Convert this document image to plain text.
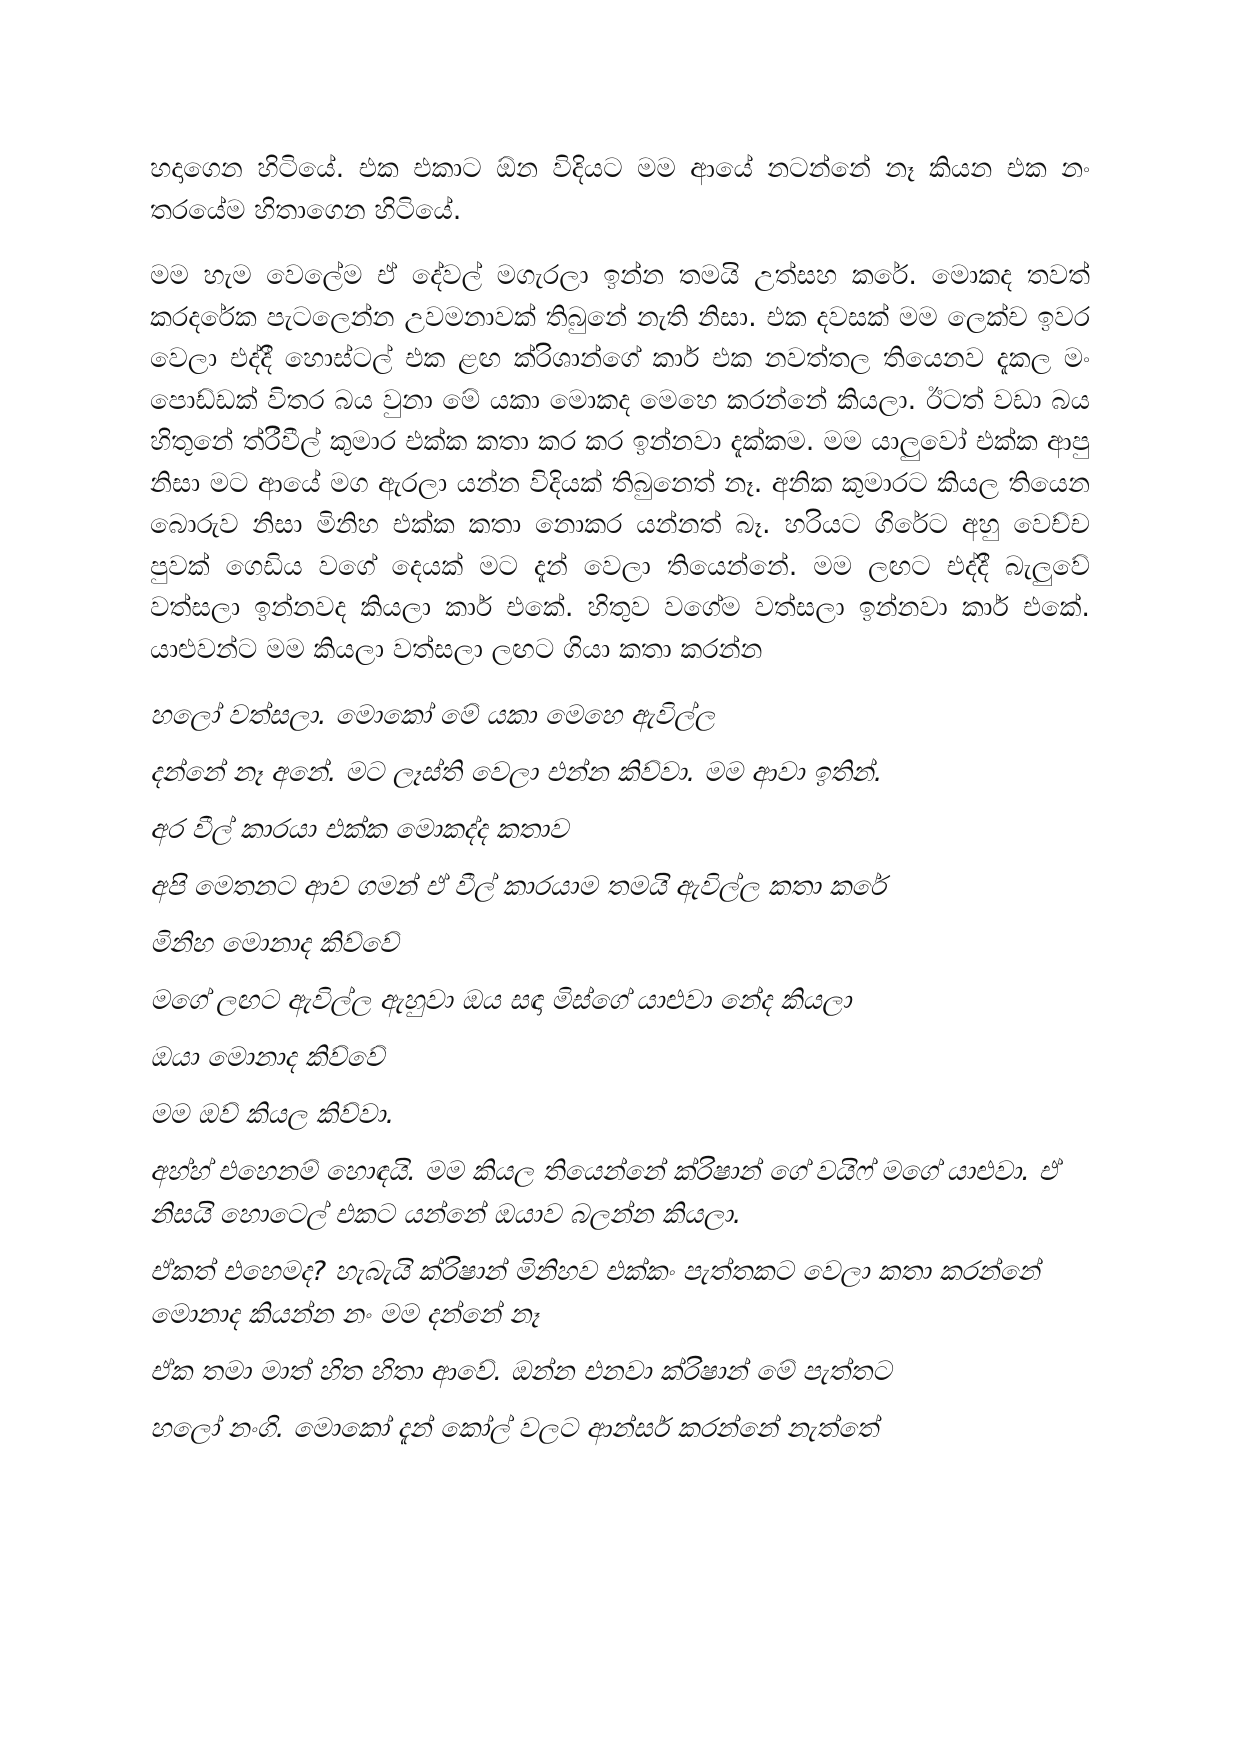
හදාගෙන හිටියේ. එක එකාට ඕන විදියට මම ආයේ නටන්නේ නෑ කියන එක නං තරයේම හිතාගෙන හිටියේ.

මම හැම වෙලේම ඒ දේවල් මගැරලා ඉන්න තමයි උත්සහ කරේ. මොකද තවත් කරදරේක පැටලෙන්න උවමනාවක් තිබුනේ නැති නිසා. එක දවසක් මම ලෙක්ච ඉවර වෙලා එද්දී හොස්ටල් එක ළඟ ක්රිශාන්ගේ කාර් එක නවත්තල තියෙනව දැකල මං පොඩ්ඩක් විතර බය වුනා මේ යකා මොකද මෙහෙ කරන්නේ කියලා. ඊටත් වඩා බය හිතුනේ ත්රීවීල් කුමාර එක්ක කතා කර කර ඉන්නවා දැක්කම. මම යාලුවෝ එක්ක ආපු නිසා මට ආයේ මග ඇරලා යන්න විදියක් තිබුනෙත් නෑ. අනික කුමාරට කියල තියෙන බොරුව නිසා මිනිහ එක්ක කතා නොකර යන්නත් බෑ. හරියට ගිරේට අහු වෙච්ච පුවක් ගෙඩිය වගේ දෙයක් මට දැන් වෙලා තියෙන්නේ. මම ලඟට එද්දී බැලුවේ වත්සලා ඉන්නවද කියලා කාර් එකේ. හිතුව වගේම වත්සලා ඉන්නවා කාර් එකේ. යාළුවන්ට මම කියලා වත්සලා ලඟට ගියා කතා කරන්න

හලෝ වත්සලා. මොකෝ මේ යකා මෙහෙ ඇවිල්ල

දන්නේ නෑ අනේ. මට ලෑස්ති වෙලා එන්න කිව්වා. මම ආවා ඉතින්.

අර වීල් කාරයා එක්ක මොකද්ද කතාව

අපි මෙතනට ආව ගමන් ඒ වීල් කාරයාම තමයි ඇවිල්ල කතා කරේ

මිනිහ මොනාද කිව්වේ

මගේ ලඟට ඇවිල්ල ඇහුවා ඔය සඳා මිස්ගේ යාළුවා නේද කියලා

ඔයා මොනාද කිව්වේ

මම ඔව් කියල කිව්වා.

අහ්හ් එහෙනම් හොඳයි. මම කියල තියෙන්නේ ක්රිෂාන් ගේ වයිෆ් මගේ යාළුවා. ඒ නිසයි හොටෙල් එකට යන්නේ ඔයාව බලන්න කියලා.

ඒකත් එහෙමද? හැබැයි ක්රිෂාන් මිනිහව එක්කං පැත්තකට වෙලා කතා කරන්නේ මොනාද කියන්න නං මම දන්නේ නෑ

ඒක තමා මාත් හිත හිතා ආවේ. ඔන්න එනවා ක්රිෂාන් මේ පැත්තට

හලෝ නංගි. මොකෝ දැන් කෝල් වලට ආන්සර් කරන්නේ නැත්තේ
